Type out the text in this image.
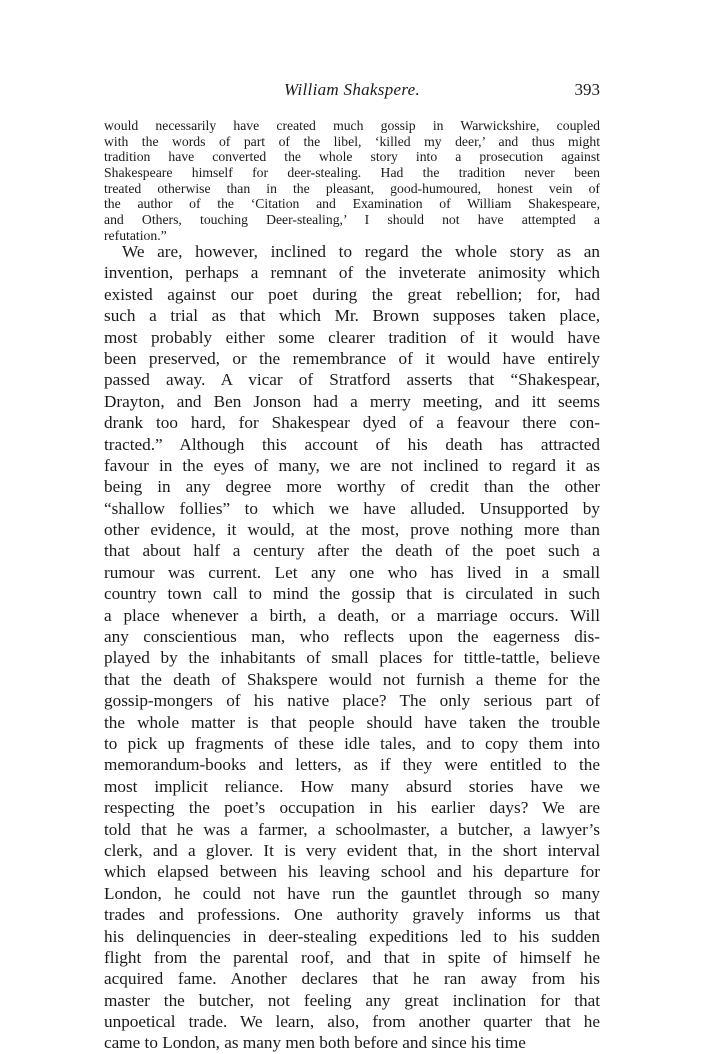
William Shakspere.	393
would necessarily have created much gossip in Warwickshire, coupled
with the words of part of the libel, ‘killed my deer,’ and thus might
tradition have converted the whole story into a prosecution against
Shakespeare himself for deer-stealing. Had the tradition never been
treated otherwise than in the pleasant, good-humoured, honest vein of
the author of the ‘Citation and Examination of William Shakespeare,
and Others, touching Deer-stealing,’ I should not have attempted a
refutation.”
We are, however, inclined to regard the whole story as an
invention, perhaps a remnant of the inveterate animosity which
existed against our poet during the great rebellion; for, had
such a trial as that which Mr. Brown supposes taken place,
most probably either some clearer tradition of it would have
been preserved, or the remembrance of it would have entirely
passed away. A vicar of Stratford asserts that “Shakespear,
Drayton, and Ben Jonson had a merry meeting, and itt seems
drank too hard, for Shakespear dyed of a feavour there con-
tracted.” Although this account of his death has attracted
favour in the eyes of many, we are not inclined to regard it as
being in any degree more worthy of credit than the other
“shallow follies” to which we have alluded. Unsupported by
other evidence, it would, at the most, prove nothing more than
that about half a century after the death of the poet such a
rumour was current. Let any one who has lived in a small
country town call to mind the gossip that is circulated in such
a place whenever a birth, a death, or a marriage occurs. Will
any conscientious man, who reflects upon the eagerness dis-
played by the inhabitants of small places for tittle-tattle, believe
that the death of Shakspere would not furnish a theme for the
gossip-mongers of his native place? The only serious part of
the whole matter is that people should have taken the trouble
to pick up fragments of these idle tales, and to copy them into
memorandum-books and letters, as if they were entitled to the
most implicit reliance. How many absurd stories have we
respecting the poet’s occupation in his earlier days? We are
told that he was a farmer, a schoolmaster, a butcher, a lawyer’s
clerk, and a glover. It is very evident that, in the short interval
which elapsed between his leaving school and his departure for
London, he could not have run the gauntlet through so many
trades and professions. One authority gravely informs us that
his delinquencies in deer-stealing expeditions led to his sudden
flight from the parental roof, and that in spite of himself he
acquired fame. Another declares that he ran away from his
master the butcher, not feeling any great inclination for that
unpoetical trade. We learn, also, from another quarter that he
came to London, as many men both before and since his time
